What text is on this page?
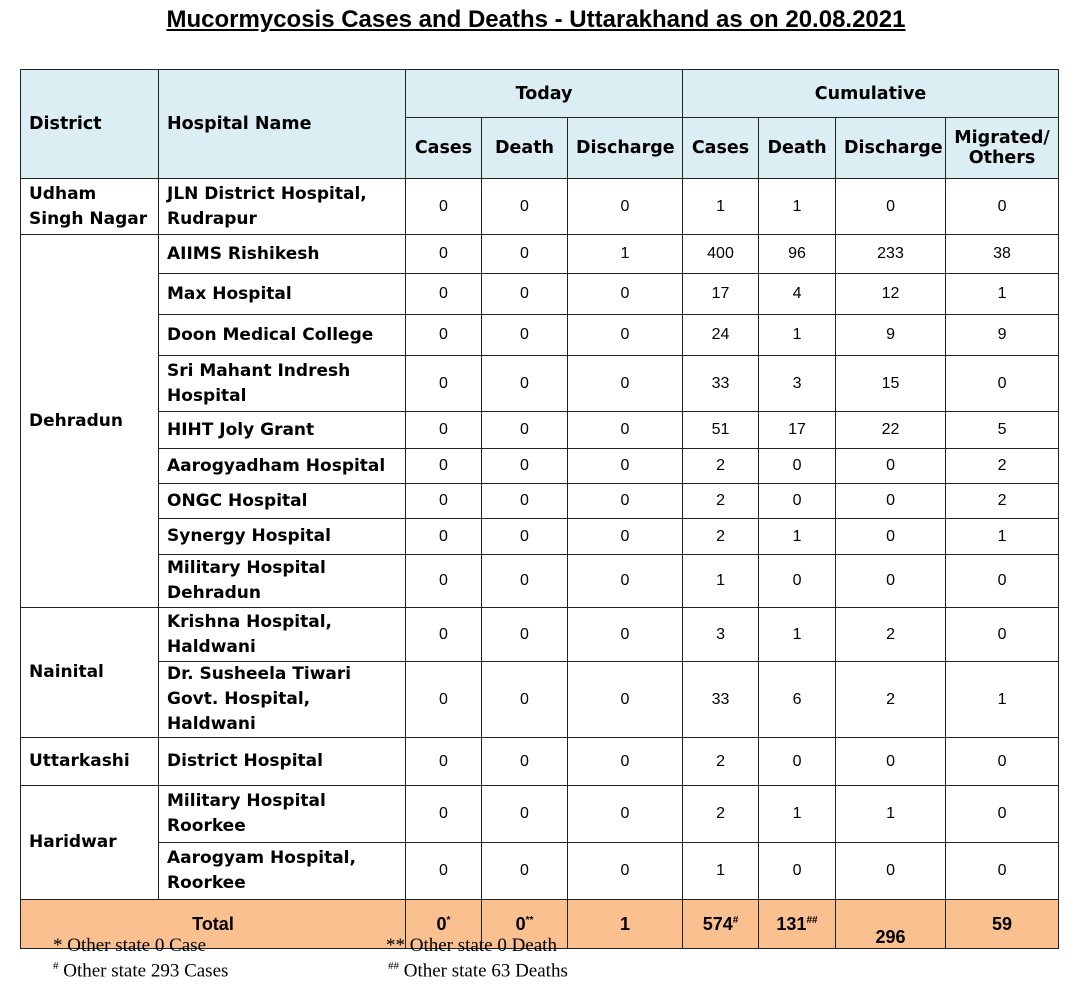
Mucormycosis Cases and Deaths - Uttarakhand as on 20.08.2021
District	Hospital Name	Today			Cumulative			
		Cases	Death	Discharge	Cases	Death	Discharge	Migrated/
Others
Udham Singh Nagar	JLN District Hospital, Rudrapur	0	0	0	1	1	0	0
Dehradun	AIIMS Rishikesh	0	0	1	400	96	233	38
	Max Hospital	0	0	0	17	4	12	1
	Doon Medical College	0	0	0	24	1	9	9
	Sri Mahant Indresh Hospital	0	0	0	33	3	15	0
	HIHT Joly Grant	0	0	0	51	17	22	5
	Aarogyadham Hospital	0	0	0	2	0	0	2
	ONGC Hospital	0	0	0	2	0	0	2
	Synergy Hospital	0	0	0	2	1	0	1
	Military Hospital Dehradun	0	0	0	1	0	0	0
Nainital	Krishna Hospital, Haldwani	0	0	0	3	1	2	0
	Dr. Susheela Tiwari Govt. Hospital, Haldwani	0	0	0	33	6	2	1
Uttarkashi	District Hospital	0	0	0	2	0	0	0
Haridwar	Military Hospital Roorkee	0	0	0	2	1	1	0
	Aarogyam Hospital, Roorkee	0	0	0	1	0	0	0
Total		0*	0**	1	574#	131##	296	59
* Other state 0 Case
# Other state 293 Cases
** Other state 0 Death
## Other state 63 Deaths
